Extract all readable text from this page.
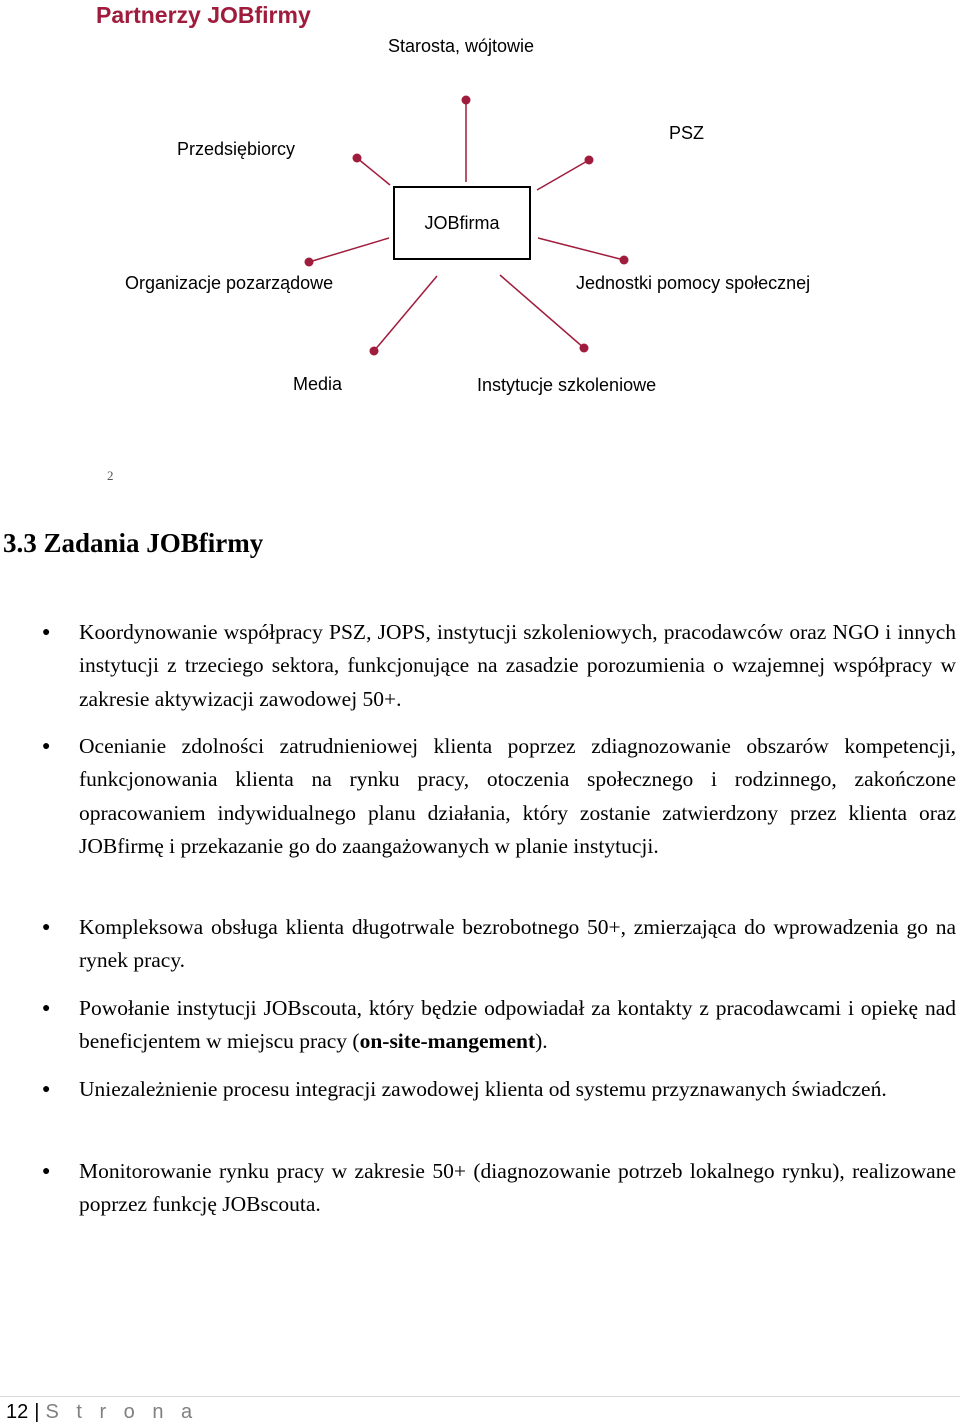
Partnerzy JOBfirmy
JOBfirma
Starosta, wójtowie
PSZ
Przedsiębiorcy
Organizacje pozarządowe	Jednostki pomocy społecznej
Media	Instytucje szkoleniowe
2
3.3 Zadania JOBfirmy
● Koordynowanie współpracy PSZ, JOPS, instytucji szkoleniowych, pracodawców oraz NGO i innych instytucji z trzeciego sektora, funkcjonujące na zasadzie porozumienia o wzajemnej współpracy w zakresie aktywizacji zawodowej 50+.
● Ocenianie zdolności zatrudnieniowej klienta poprzez zdiagnozowanie obszarów kompetencji, funkcjonowania klienta na rynku pracy, otoczenia społecznego i rodzinnego, zakończone opracowaniem indywidualnego planu działania, który zostanie zatwierdzony przez klienta oraz JOBfirmę i przekazanie go do zaangażowanych w planie instytucji.
● Kompleksowa obsługa klienta długotrwale bezrobotnego 50+, zmierzająca do wprowadzenia go na rynek pracy.
● Powołanie instytucji JOBscouta, który będzie odpowiadał za kontakty z pracodawcami i opiekę nad beneficjentem w miejscu pracy (on-site-mangement).
● Uniezależnienie procesu integracji zawodowej klienta od systemu przyznawanych świadczeń.
● Monitorowanie rynku pracy w zakresie 50+ (diagnozowanie potrzeb lokalnego rynku), realizowane poprzez funkcję JOBscouta.
12 | S t r o n a
